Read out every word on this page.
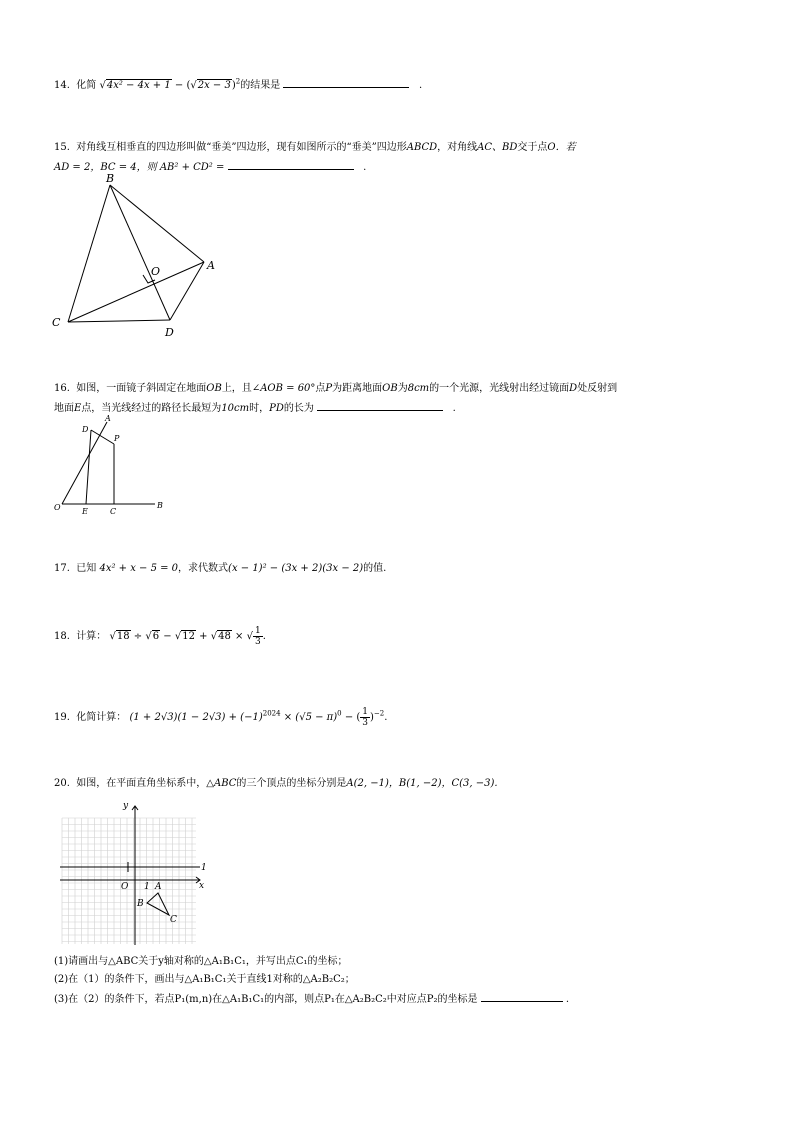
14. 化简 $√4x^2 - 4x + 1 - (√2x - 3)^2$的结果是	.
15. 对角线互相垂直的四边形叫做“垂美”四边形，现有如图所示的“垂美”四边形ABCD，对角线AC、BD交于点O．若
AD = 2，BC = 4，则 AB² + CD² =	.
B
A
C
D
O
16. 如图，一面镜子斜固定在地面OB上，且∠AOB = 60°点P为距离地面OB为8cm的一个光源，光线射出经过镜面D处反射到
地面E点，当光线经过的路径长最短为10cm时，PD的长为	.
A
P
D
O	E	C
B
17. 已知 4x² + x − 5 = 0，求代数式(x − 1)² − (3x + 2)(3x − 2)的值.
18. 计算： √18 ÷ √6 − √12 + √48 × √ $\frac{1}{3}$ .
19. 化简计算： $(1 + 2√3)(1 - 2√3) + (-1)^{2024} \times (√5 - \pi)^0$ − ( $\frac{1}{3} )^{-2}$.
20. 如图，在平面直角坐标系中，△ABC的三个顶点的坐标分别是A(2, −1)，B(1, −2)，C(3, −3).
y
x
O 1
1
A
B
C
(1)请画出与△ABC关于y轴对称的△A₁B₁C₁，并写出点C₁的坐标；
(2)在（1）的条件下，画出与△A₁B₁C₁关于直线1对称的△A₂B₂C₂；
(3)在（2）的条件下，若点P₁(m,n)在△A₁B₁C₁的内部，则点P₁在△A₂B₂C₂中对应点P₂的坐标是	.
